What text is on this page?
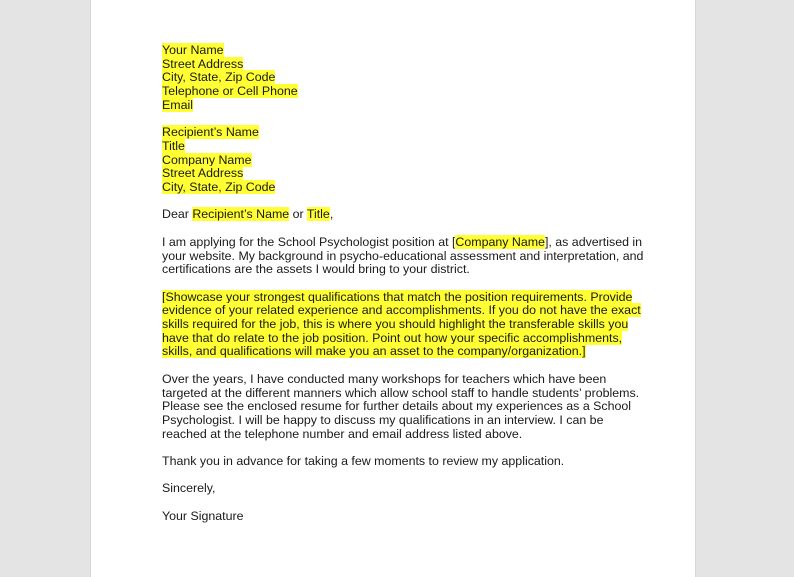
Your Name
Street Address
City, State, Zip Code
Telephone or Cell Phone
Email
Recipient’s Name
Title
Company Name
Street Address
City, State, Zip Code
Dear Recipient’s Name or Title,
I am applying for the School Psychologist position at [Company Name], as advertised in
your website. My background in psycho-educational assessment and interpretation, and
certifications are the assets I would bring to your district.
[Showcase your strongest qualifications that match the position requirements. Provide
evidence of your related experience and accomplishments. If you do not have the exact
skills required for the job, this is where you should highlight the transferable skills you
have that do relate to the job position. Point out how your specific accomplishments,
skills, and qualifications will make you an asset to the company/organization.]
Over the years, I have conducted many workshops for teachers which have been
targeted at the different manners which allow school staff to handle students’ problems.
Please see the enclosed resume for further details about my experiences as a School
Psychologist. I will be happy to discuss my qualifications in an interview. I can be
reached at the telephone number and email address listed above.
Thank you in advance for taking a few moments to review my application.
Sincerely,
Your Signature
